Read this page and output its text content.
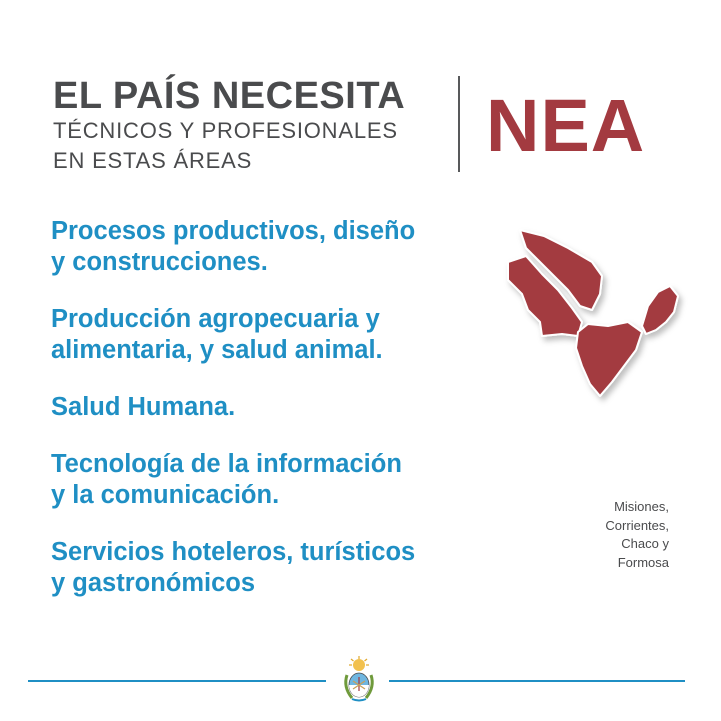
EL PAÍS NECESITA
TÉCNICOS Y PROFESIONALES
EN ESTAS ÁREAS	NEA
Procesos productivos, diseño
y construcciones.
Producción agropecuaria y
alimentaria, y salud animal.
Salud Humana.
Tecnología de la información
y la comunicación.
Servicios hoteleros, turísticos
y gastronómicos
Misiones,
Corrientes,
Chaco y
Formosa
